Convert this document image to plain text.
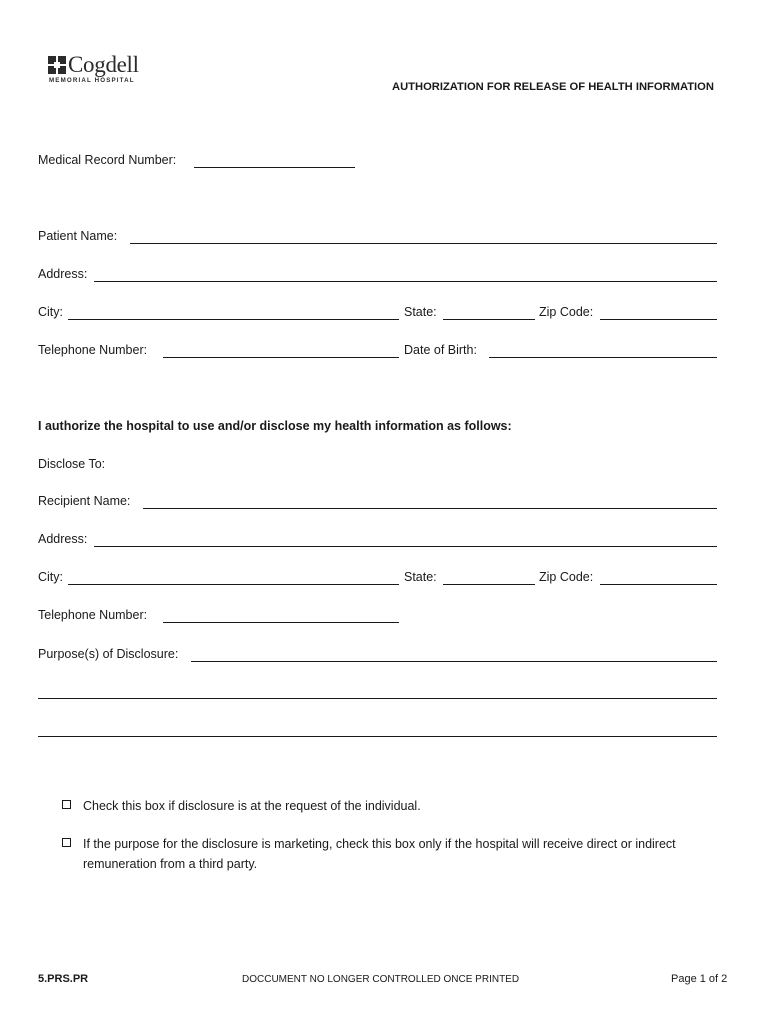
Cogdell
MEMORIAL HOSPITAL
AUTHORIZATION FOR RELEASE OF HEALTH INFORMATION
Medical Record Number:
Patient Name:
Address:
City:	State:	Zip Code:
Telephone Number:	Date of Birth:
I authorize the hospital to use and/or disclose my health information as follows:
Disclose To:
Recipient Name:
Address:
City:	State:	Zip Code:
Telephone Number:
Purpose(s) of Disclosure:
Check this box if disclosure is at the request of the individual.
If the purpose for the disclosure is marketing, check this box only if the hospital will receive direct or indirect remuneration from a third party.
5.PRS.PR	DOCCUMENT NO LONGER CONTROLLED ONCE PRINTED	Page 1 of 2
